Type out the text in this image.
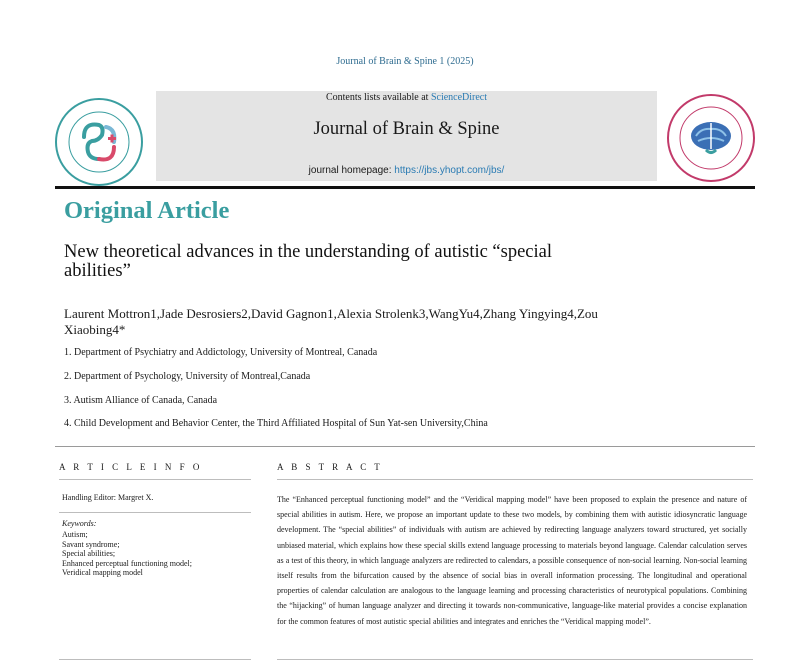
Journal of Brain & Spine 1 (2025)
Contents lists available at ScienceDirect
Journal of Brain & Spine
journal homepage: https://jbs.yhopt.com/jbs/
Original Article
New theoretical advances in the understanding of autistic “special
abilities”
Laurent Mottron1,Jade Desrosiers2,David Gagnon1,Alexia Strolenk3,WangYu4,Zhang Yingying4,Zou
Xiaobing4*
1. Department of Psychiatry and Addictology, University of Montreal, Canada
2. Department of Psychology, University of Montreal,Canada
3. Autism Alliance of Canada, Canada
4. Child Development and Behavior Center, the Third Affiliated Hospital of Sun Yat-sen University,China
A R T I C L E I N F O
Handling Editor: Margret X.
Keywords:
Autism;
Savant syndrome;
Special abilities;
Enhanced perceptual functioning model;
Veridical mapping model
A B S T R A C T
The “Enhanced perceptual functioning model” and the “Veridical mapping model” have been proposed to explain the presence and nature of special abilities in autism. Here, we propose an important update to these two models, by combining them with autistic idiosyncratic language development. The “special abilities” of individuals with autism are achieved by redirecting language analyzers toward structured, yet socially unbiased material, which explains how these special skills extend language processing to materials beyond language. Calendar calculation serves as a test of this theory, in which language analyzers are redirected to calendars, a possible consequence of non-social learning. Non-social learning itself results from the bifurcation caused by the absence of social bias in overall information processing. The longitudinal and operational properties of calendar calculation are analogous to the language learning and processing characteristics of neurotypical populations. Combining the “hijacking” of human language analyzer and directing it towards non-communicative, language-like material provides a concise explanation for the common features of most autistic special abilities and integrates and enriches the “Veridical mapping model”.
